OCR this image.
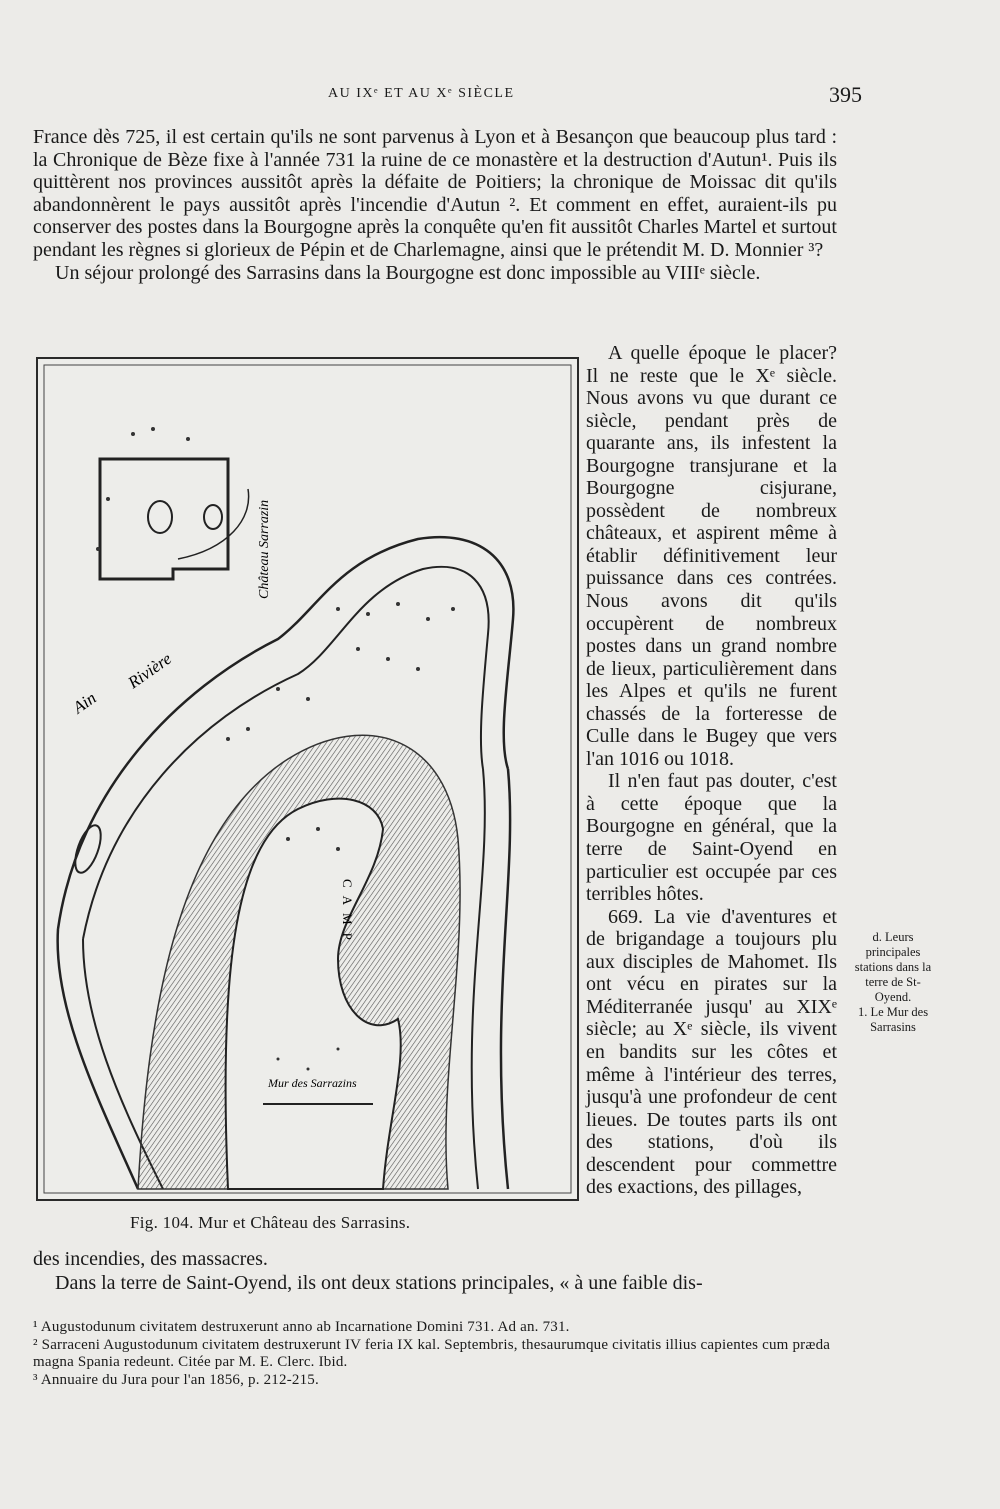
AU IXᵉ ET AU Xᵉ SIÈCLE	395

France dès 725, il est certain qu'ils ne sont parvenus à Lyon et à Besançon que beaucoup plus tard : la Chronique de Bèze fixe à l'année 731 la ruine de ce monastère et la destruction d'Autun¹. Puis ils quittèrent nos provinces aussitôt après la défaite de Poitiers; la chronique de Moissac dit qu'ils abandonnèrent le pays aussitôt après l'incendie d'Autun ². Et comment en effet, auraient-ils pu conserver des postes dans la Bourgogne après la conquête qu'en fit aussitôt Charles Martel et surtout pendant les règnes si glorieux de Pépin et de Charlemagne, ainsi que le prétendit M. D. Monnier ³?

Un séjour prolongé des Sarrasins dans la Bourgogne est donc impossible au VIIIᵉ siècle.

Ain
Rivière
Château Sarrazin
CAMP
Mur des Sarrazins

A quelle époque le placer? Il ne reste que le Xᵉ siècle. Nous avons vu que durant ce siècle, pendant près de quarante ans, ils infestent la Bourgogne transjurane et la Bourgogne cisjurane, possèdent de nombreux châteaux, et aspirent même à établir définitivement leur puissance dans ces contrées. Nous avons dit qu'ils occupèrent de nombreux postes dans un grand nombre de lieux, particulièrement dans les Alpes et qu'ils ne furent chassés de la forteresse de Culle dans le Bugey que vers l'an 1016 ou 1018.

Il n'en faut pas douter, c'est à cette époque que la Bourgogne en général, que la terre de Saint-Oyend en particulier est occupée par ces terribles hôtes.

669. La vie d'aventures et de brigandage a toujours plu aux disciples de Mahomet. Ils ont vécu en pirates sur la Méditerranée jusqu' au XIXᵉ siècle; au Xᵉ siècle, ils vivent en bandits sur les côtes et même à l'intérieur des terres, jusqu'à une profondeur de cent lieues. De toutes parts ils ont des stations, d'où ils descendent pour commettre des exactions, des pillages,

Fig. 104. Mur et Château des Sarrasins.

des incendies, des massacres.

Dans la terre de Saint-Oyend, ils ont deux stations principales, « à une faible dis-

d. Leurs principales stations dans la terre de St-Oyend.

1. Le Mur des Sarrasins

¹ Augustodunum civitatem destruxerunt anno ab Incarnatione Domini 731. Ad an. 731.

² Sarraceni Augustodunum civitatem destruxerunt IV feria IX kal. Septembris, thesaurumque civitatis illius capientes cum præda magna Spania redeunt. Citée par M. E. Clerc. Ibid.

³ Annuaire du Jura pour l'an 1856, p. 212-215.
